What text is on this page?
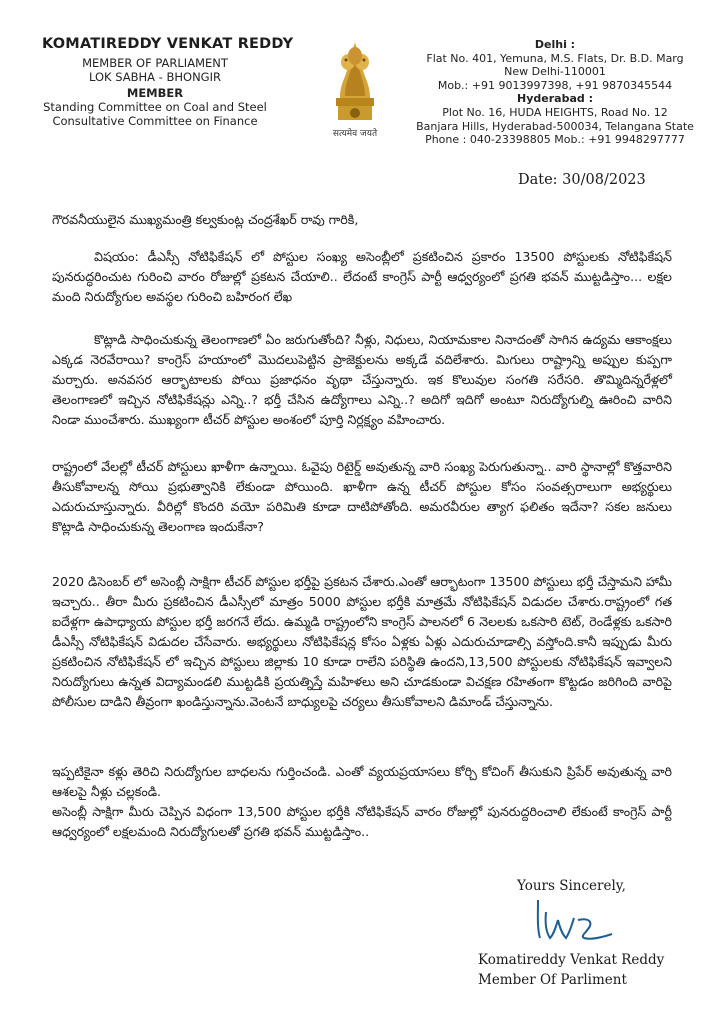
KOMATIREDDY VENKAT REDDY
MEMBER OF PARLIAMENT
LOK SABHA - BHONGIR
MEMBER
Standing Committee on Coal and Steel
Consultative Committee on Finance
सत्यमेव जयते
Delhi :
Flat No. 401, Yemuna, M.S. Flats, Dr. B.D. Marg
New Delhi-110001
Mob.: +91 9013997398, +91 9870345544
Hyderabad :
Plot No. 16, HUDA HEIGHTS, Road No. 12
Banjara Hills, Hyderabad-500034, Telangana State
Phone : 040-23398805 Mob.: +91 9948297777
Date: 30/08/2023
గౌరవనీయులైన ముఖ్యమంత్రి కల్వకుంట్ల చంద్రశేఖర్ రావు గారికి,
విషయం: డీఎస్సీ నోటిఫికేషన్ లో పోస్టుల సంఖ్య అసెంబ్లీలో ప్రకటించిన ప్రకారం 13500 పోస్టులకు నోటిఫికేషన్ పునరుద్ధరించుట గురించి వారం రోజుల్లో ప్రకటన చేయాలి.. లేదంటే కాంగ్రెస్ పార్టీ ఆధ్వర్యంలో ప్రగతి భవన్ ముట్టడిస్తాం... లక్షల మంది నిరుద్యోగుల అవస్థల గురించి బహిరంగ లేఖ
కొట్లాడి సాధించుకున్న తెలంగాణలో ఏం జరుగుతోంది? నీళ్లు, నిధులు, నియామకాల నినాదంతో సాగిన ఉద్యమ ఆకాంక్షలు ఎక్కడ నెరవేరాయి? కాంగ్రెస్ హయాంలో మొదలుపెట్టిన ప్రాజెక్టులను అక్కడే వదిలేశారు. మిగులు రాష్ట్రాన్ని అప్పుల కుప్పగా మర్చారు. అనవసర ఆర్భాటాలకు పోయి ప్రజాధనం వృథా చేస్తున్నారు. ఇక కొలువుల సంగతి సరేసరి. తొమ్మిదిన్నరేళ్లలో తెలంగాణలో ఇచ్చిన నోటిఫికేషన్లు ఎన్ని..? భర్తీ చేసిన ఉద్యోగాలు ఎన్ని..? అదిగో ఇదిగో అంటూ నిరుద్యోగుల్ని ఊరించి వారిని నిండా ముంచేశారు. ముఖ్యంగా టీచర్ పోస్టుల అంశంలో పూర్తి నిర్లక్ష్యం వహించారు.
రాష్ట్రంలో వేలల్లో టీచర్ పోస్టులు ఖాళీగా ఉన్నాయి. ఓవైపు రిటైర్డ్ అవుతున్న వారి సంఖ్య పెరుగుతున్నా.. వారి స్థానాల్లో కొత్తవారిని తీసుకోవాలన్న సోయి ప్రభుత్వానికి లేకుండా పోయింది. ఖాళీగా ఉన్న టీచర్ పోస్టుల కోసం సంవత్సరాలుగా అభ్యర్థులు ఎదురుచూస్తున్నారు. వీరిల్లో కొందరి వయో పరిమితి కూడా దాటిపోతోంది. అమరవీరుల త్యాగ ఫలితం ఇదేనా? సకల జనులు కొట్లాడి సాధించుకున్న తెలంగాణ ఇందుకేనా?
2020 డిసెంబర్ లో అసెంబ్లీ సాక్షిగా టీచర్ పోస్టుల భర్తీపై ప్రకటన చేశారు.ఎంతో ఆర్భాటంగా 13500 పోస్టులు భర్తీ చేస్తామని హామీ ఇచ్చారు.. తీరా మీరు ప్రకటించిన డీఎస్సీలో మాత్రం 5000 పోస్టుల భర్తీకి మాత్రమే నోటిఫికేషన్ విడుదల చేశారు.రాష్ట్రంలో గత ఐదేళ్లగా ఉపాధ్యాయ పోస్టుల భర్తీ జరగనే లేదు. ఉమ్మడి రాష్ట్రంలోని కాంగ్రెస్ పాలనలో 6 నెలలకు ఒకసారి టెట్, రెండేళ్లకు ఒకసారి డీఎస్సీ నోటిఫికేషన్ విడుదల చేసేవారు. అభ్యర్థులు నోటిఫికేషన్ల కోసం ఏళ్లకు ఏళ్లు ఎదురుచూడాల్సి వస్తోంది.కానీ ఇప్పుడు మీరు ప్రకటించిన నోటిఫికేషన్ లో ఇచ్చిన పోస్టులు జిల్లాకు 10 కూడా రాలేని పరిస్థితి ఉందని,13,500 పోస్టులకు నోటిఫికేషన్ ఇవ్వాలని నిరుద్యోగులు ఉన్నత విద్యామండలి ముట్టడికి ప్రయత్నిస్తే మహిళలు అని చూడకుండా విచక్షణ రహితంగా కొట్టడం జరిగింది వారిపై పోలీసుల దాడిని తీవ్రంగా ఖండిస్తున్నాను.వెంటనే బాధ్యులపై చర్యలు తీసుకోవాలని డిమాండ్ చేస్తున్నాను.
ఇప్పటికైనా కళ్లు తెరిచి నిరుద్యోగుల బాధలను గుర్తించండి. ఎంతో వ్యయప్రయాసలు కోర్చి కోచింగ్ తీసుకుని ప్రిపేర్ అవుతున్న వారి ఆశలపై నీళ్లు చల్లకండి.
అసెంబ్లీ సాక్షిగా మీరు చెప్పిన విధంగా 13,500 పోస్టుల భర్తీకి నోటిఫికేషన్ వారం రోజుల్లో పునరుద్దరించాలి లేకుంటే కాంగ్రెస్ పార్టీ ఆధ్వర్యంలో లక్షలమంది నిరుద్యోగులతో ప్రగతి భవన్ ముట్టడిస్తాం..
Yours Sincerely,
Komatireddy Venkat Reddy
Member Of Parliment
